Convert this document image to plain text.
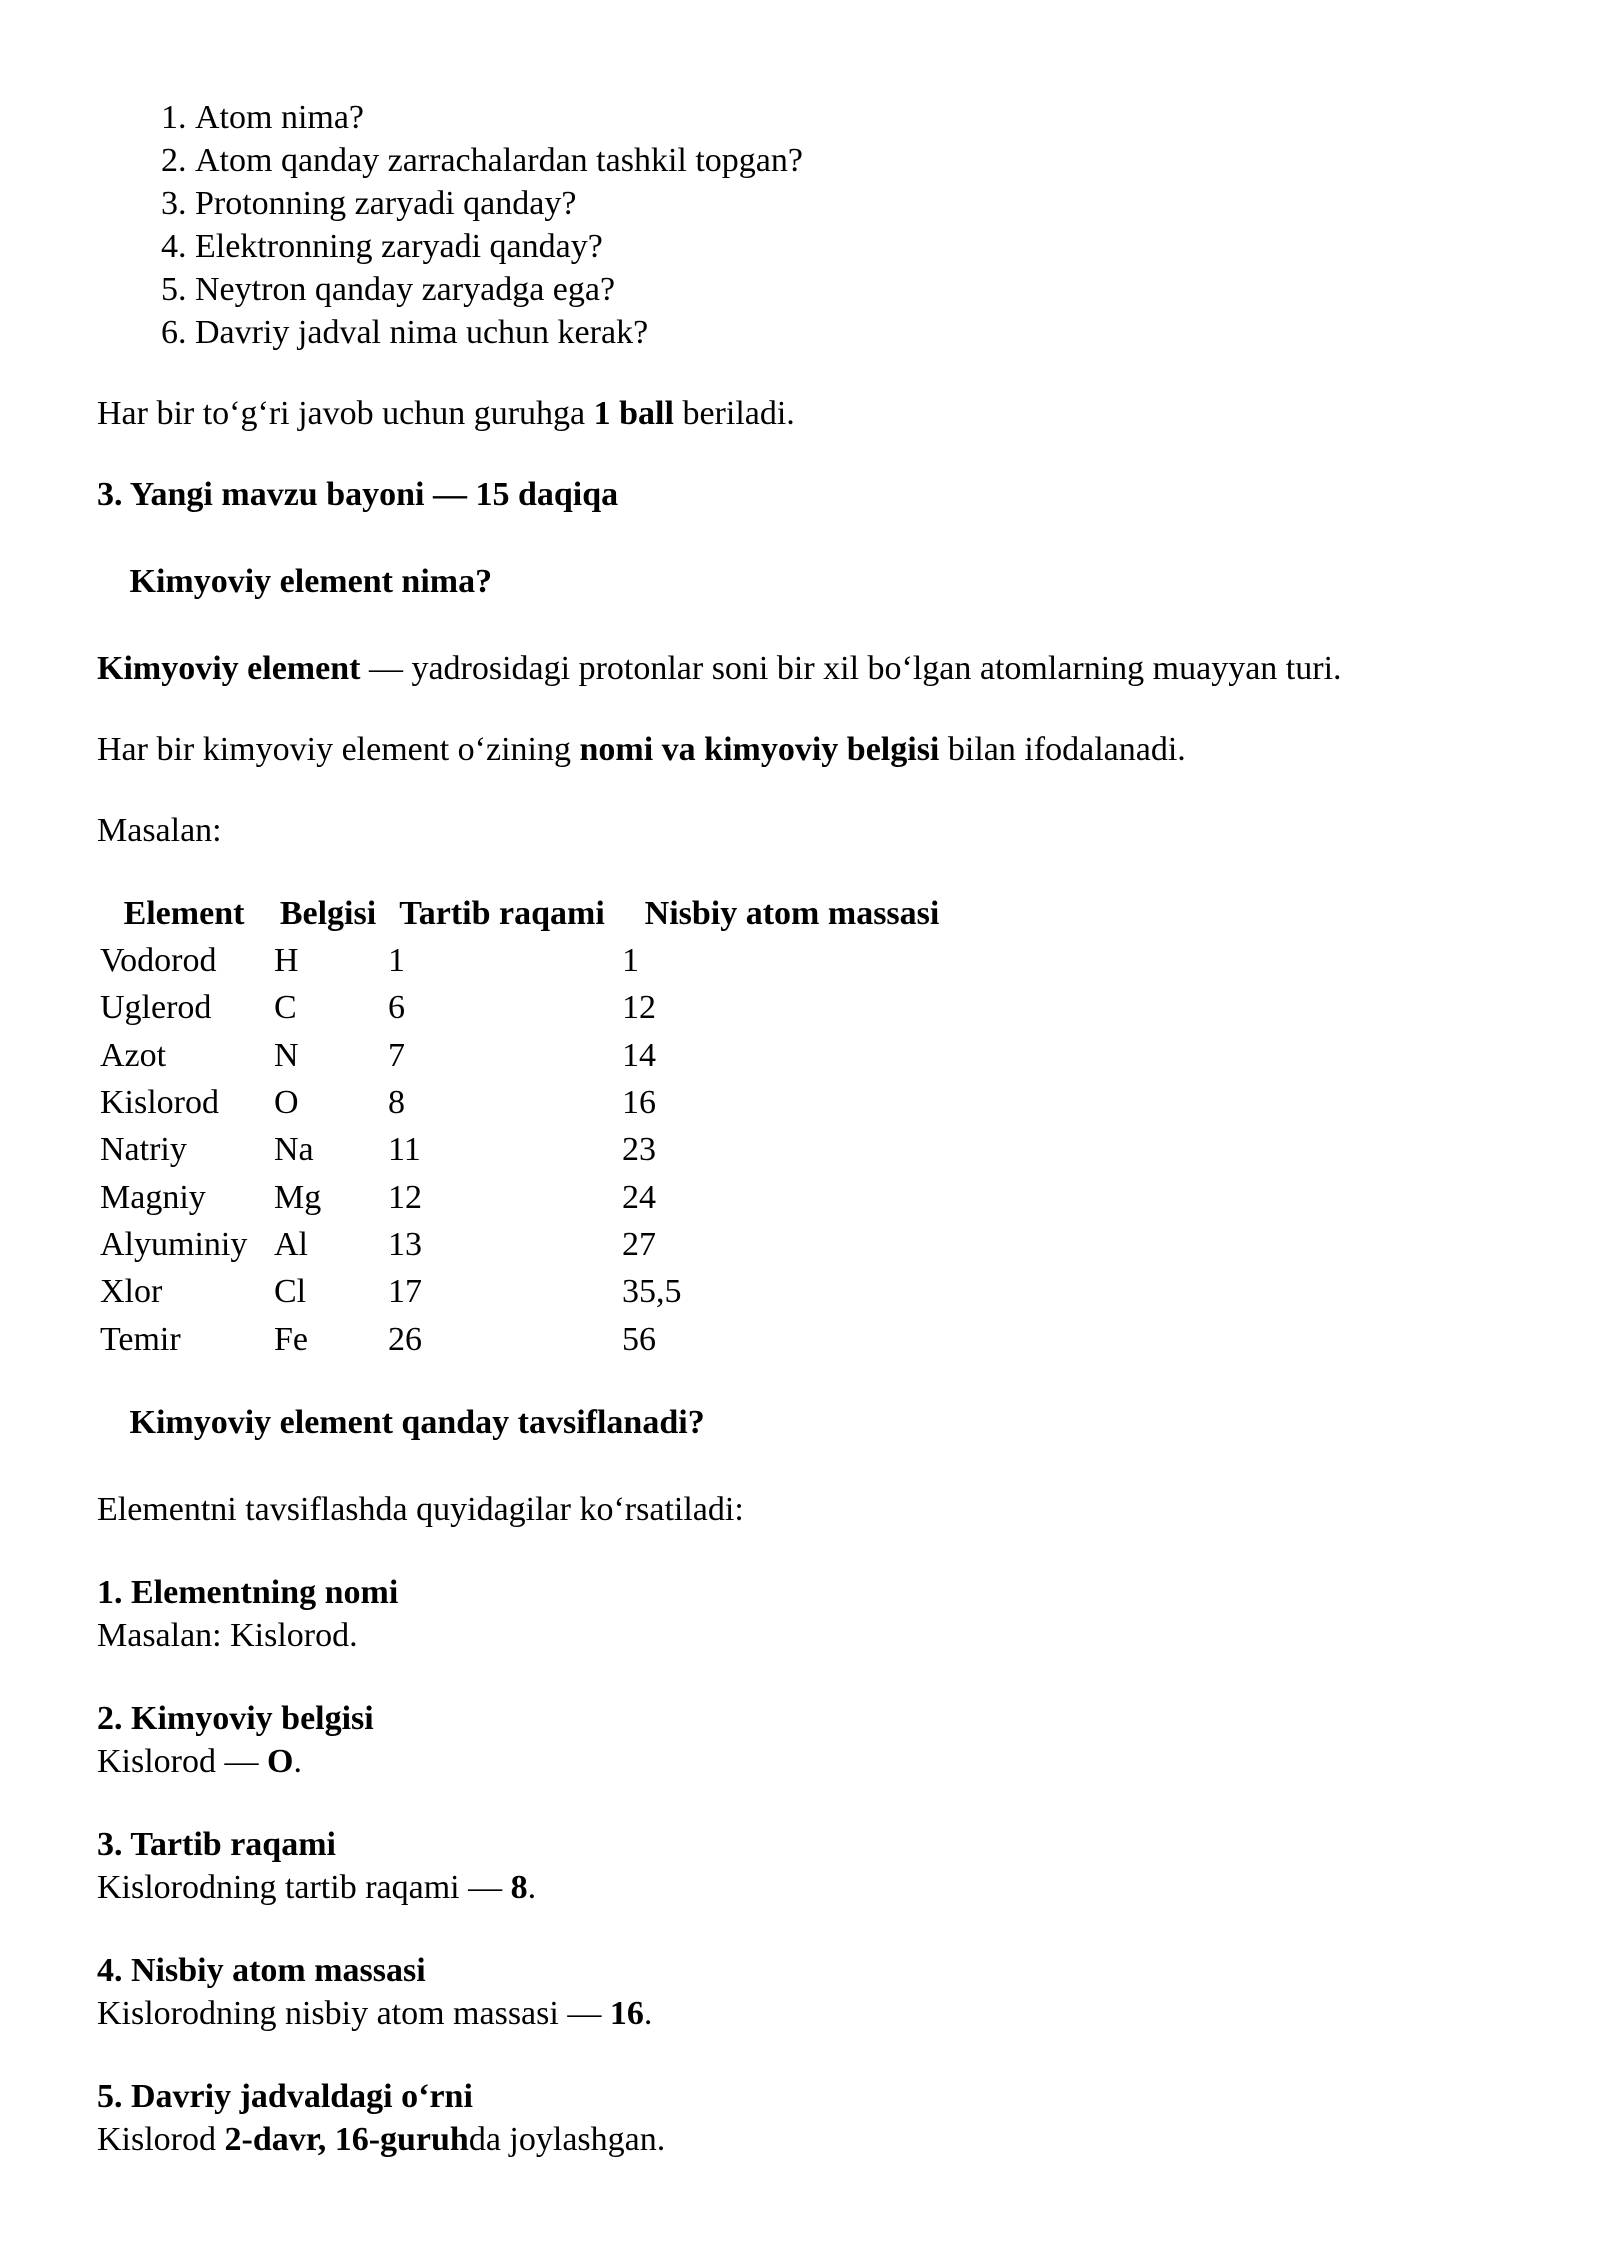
1. Atom nima?
2. Atom qanday zarrachalardan tashkil topgan?
3. Protonning zaryadi qanday?
4. Elektronning zaryadi qanday?
5. Neytron qanday zaryadga ega?
6. Davriy jadval nima uchun kerak?

Har bir to‘g‘ri javob uchun guruhga 1 ball beriladi.

3. Yangi mavzu bayoni — 15 daqiqa

Kimyoviy element nima?

Kimyoviy element — yadrosidagi protonlar soni bir xil bo‘lgan atomlarning muayyan turi.

Har bir kimyoviy element o‘zining nomi va kimyoviy belgisi bilan ifodalanadi.

Masalan:

Element	Belgisi	Tartib raqami	Nisbiy atom massasi
Vodorod	H	1	1
Uglerod	C	6	12
Azot	N	7	14
Kislorod	O	8	16
Natriy	Na	11	23
Magniy	Mg	12	24
Alyuminiy	Al	13	27
Xlor	Cl	17	35,5
Temir	Fe	26	56

Kimyoviy element qanday tavsiflanadi?

Elementni tavsiflashda quyidagilar ko‘rsatiladi:

1. Elementning nomi
Masalan: Kislorod.
2. Kimyoviy belgisi
Kislorod — O.
3. Tartib raqami
Kislorodning tartib raqami — 8.
4. Nisbiy atom massasi
Kislorodning nisbiy atom massasi — 16.
5. Davriy jadvaldagi o‘rni
Kislorod 2-davr, 16-guruhda joylashgan.
